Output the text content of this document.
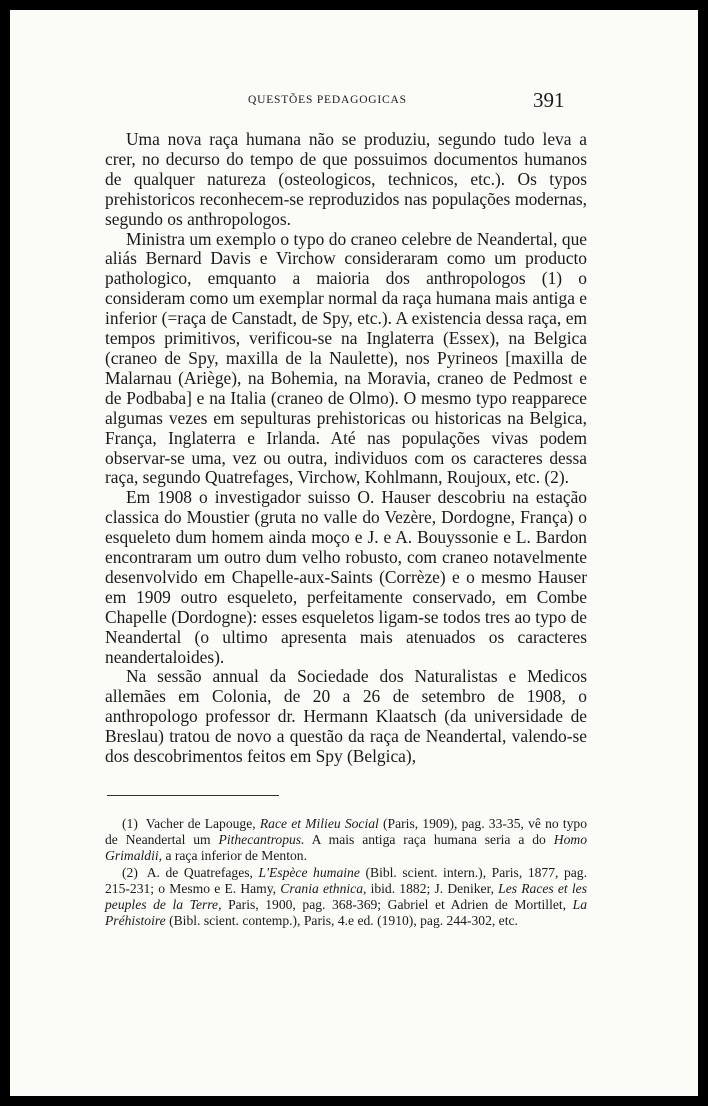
QUESTÕES PEDAGOGICAS	391

Uma nova raça humana não se produziu, segundo tudo leva a crer, no decurso do tempo de que possuimos documentos humanos de qualquer natureza (osteologicos, technicos, etc.). Os typos prehistoricos reconhecem-se reproduzidos nas populações modernas, segundo os anthropologos.

Ministra um exemplo o typo do craneo celebre de Neandertal, que aliás Bernard Davis e Virchow consideraram como um producto pathologico, emquanto a maioria dos anthropologos (1) o consideram como um exemplar normal da raça humana mais antiga e inferior (=raça de Canstadt, de Spy, etc.). A existencia dessa raça, em tempos primitivos, verificou-se na Inglaterra (Essex), na Belgica (craneo de Spy, maxilla de la Naulette), nos Pyrineos [maxilla de Malarnau (Ariège), na Bohemia, na Moravia, craneo de Pedmost e de Podbaba] e na Italia (craneo de Olmo). O mesmo typo reapparece algumas vezes em sepulturas prehistoricas ou historicas na Belgica, França, Inglaterra e Irlanda. Até nas populações vivas podem observar-se uma, vez ou outra, individuos com os caracteres dessa raça, segundo Quatrefages, Virchow, Kohlmann, Roujoux, etc. (2).

Em 1908 o investigador suisso O. Hauser descobriu na estação classica do Moustier (gruta no valle do Vezère, Dordogne, França) o esqueleto dum homem ainda moço e J. e A. Bouyssonie e L. Bardon encontraram um outro dum velho robusto, com craneo notavelmente desenvolvido em Chapelle-aux-Saints (Corrèze) e o mesmo Hauser em 1909 outro esqueleto, perfeitamente conservado, em Combe Chapelle (Dordogne): esses esqueletos ligam-se todos tres ao typo de Neandertal (o ultimo apresenta mais atenuados os caracteres neandertaloides).

Na sessão annual da Sociedade dos Naturalistas e Medicos allemães em Colonia, de 20 a 26 de setembro de 1908, o anthropologo professor dr. Hermann Klaatsch (da universidade de Breslau) tratou de novo a questão da raça de Neandertal, valendo-se dos descobrimentos feitos em Spy (Belgica),

(1) Vacher de Lapouge, Race et Milieu Social (Paris, 1909), pag. 33-35, vê no typo de Neandertal um Pithecantropus. A mais antiga raça humana seria a do Homo Grimaldii, a raça inferior de Menton.

(2) A. de Quatrefages, L'Espèce humaine (Bibl. scient. intern.), Paris, 1877, pag. 215-231; o Mesmo e E. Hamy, Crania ethnica, ibid. 1882; J. Deniker, Les Races et les peuples de la Terre, Paris, 1900, pag. 368-369; Gabriel et Adrien de Mortillet, La Préhistoire (Bibl. scient. contemp.), Paris, 4.e ed. (1910), pag. 244-302, etc.
